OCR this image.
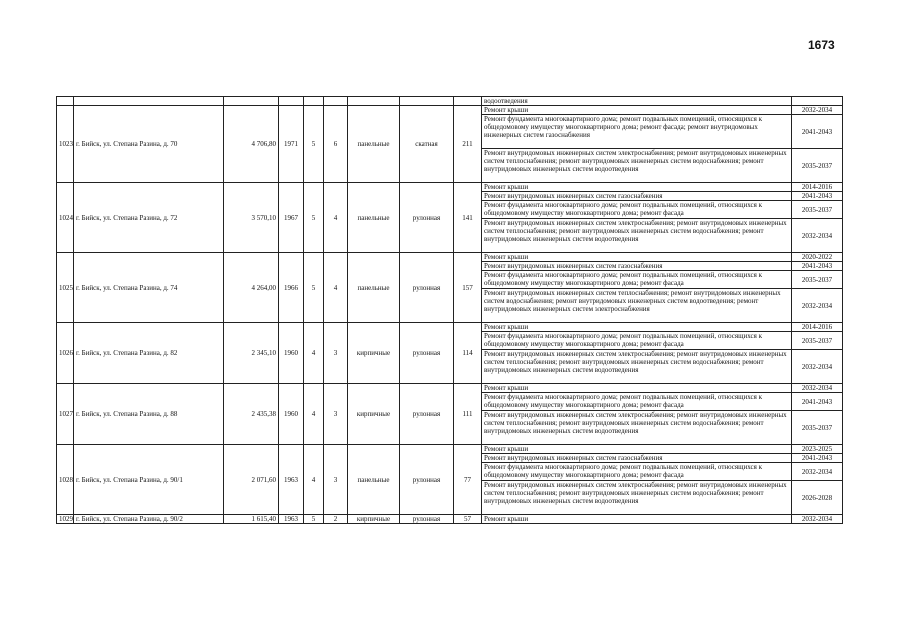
1673
									водоотведения	
1023	г. Бийск, ул. Степана Разина, д. 70	4 706,80	1971	5	6	панельные	скатная	211	Ремонт крыши	2032-2034
									Ремонт фундамента многоквартирного дома; ремонт подвальных помещений, относящихся к общедомовому имуществу многоквартирного дома; ремонт фасада; ремонт внутридомовых инженерных систем газоснабжения	2041-2043
									Ремонт внутридомовых инженерных систем электроснабжения; ремонт внутридомовых инженерных систем теплоснабжения; ремонт внутридомовых инженерных систем водоснабжения; ремонт внутридомовых инженерных систем водоотведения	2035-2037
1024	г. Бийск, ул. Степана Разина, д. 72	3 570,10	1967	5	4	панельные	рулонная	141	Ремонт крыши	2014-2016
									Ремонт внутридомовых инженерных систем газоснабжения	2041-2043
									Ремонт фундамента многоквартирного дома; ремонт подвальных помещений, относящихся к общедомовому имуществу многоквартирного дома; ремонт фасада	2035-2037
									Ремонт внутридомовых инженерных систем электроснабжения; ремонт внутридомовых инженерных систем теплоснабжения; ремонт внутридомовых инженерных систем водоснабжения; ремонт внутридомовых инженерных систем водоотведения	2032-2034
1025	г. Бийск, ул. Степана Разина, д. 74	4 264,00	1966	5	4	панельные	рулонная	157	Ремонт крыши	2020-2022
									Ремонт внутридомовых инженерных систем газоснабжения	2041-2043
									Ремонт фундамента многоквартирного дома; ремонт подвальных помещений, относящихся к общедомовому имуществу многоквартирного дома; ремонт фасада	2035-2037
									Ремонт внутридомовых инженерных систем теплоснабжения; ремонт внутридомовых инженерных систем водоснабжения; ремонт внутридомовых инженерных систем водоотведения; ремонт внутридомовых инженерных систем электроснабжения	2032-2034
1026	г. Бийск, ул. Степана Разина, д. 82	2 345,10	1960	4	3	кирпичные	рулонная	114	Ремонт крыши	2014-2016
									Ремонт фундамента многоквартирного дома; ремонт подвальных помещений, относящихся к общедомовому имуществу многоквартирного дома; ремонт фасада	2035-2037
									Ремонт внутридомовых инженерных систем электроснабжения; ремонт внутридомовых инженерных систем теплоснабжения; ремонт внутридомовых инженерных систем водоснабжения; ремонт внутридомовых инженерных систем водоотведения	2032-2034
1027	г. Бийск, ул. Степана Разина, д. 88	2 435,38	1960	4	3	кирпичные	рулонная	111	Ремонт крыши	2032-2034
									Ремонт фундамента многоквартирного дома; ремонт подвальных помещений, относящихся к общедомовому имуществу многоквартирного дома; ремонт фасада	2041-2043
									Ремонт внутридомовых инженерных систем электроснабжения; ремонт внутридомовых инженерных систем теплоснабжения; ремонт внутридомовых инженерных систем водоснабжения; ремонт внутридомовых инженерных систем водоотведения	2035-2037
1028	г. Бийск, ул. Степана Разина, д. 90/1	2 071,60	1963	4	3	панельные	рулонная	77	Ремонт крыши	2023-2025
									Ремонт внутридомовых инженерных систем газоснабжения	2041-2043
									Ремонт фундамента многоквартирного дома; ремонт подвальных помещений, относящихся к общедомовому имуществу многоквартирного дома; ремонт фасада	2032-2034
									Ремонт внутридомовых инженерных систем электроснабжения; ремонт внутридомовых инженерных систем теплоснабжения; ремонт внутридомовых инженерных систем водоснабжения; ремонт внутридомовых инженерных систем водоотведения	2026-2028
1029	г. Бийск, ул. Степана Разина, д. 90/2	1 615,40	1963	5	2	кирпичные	рулонная	57	Ремонт крыши	2032-2034
